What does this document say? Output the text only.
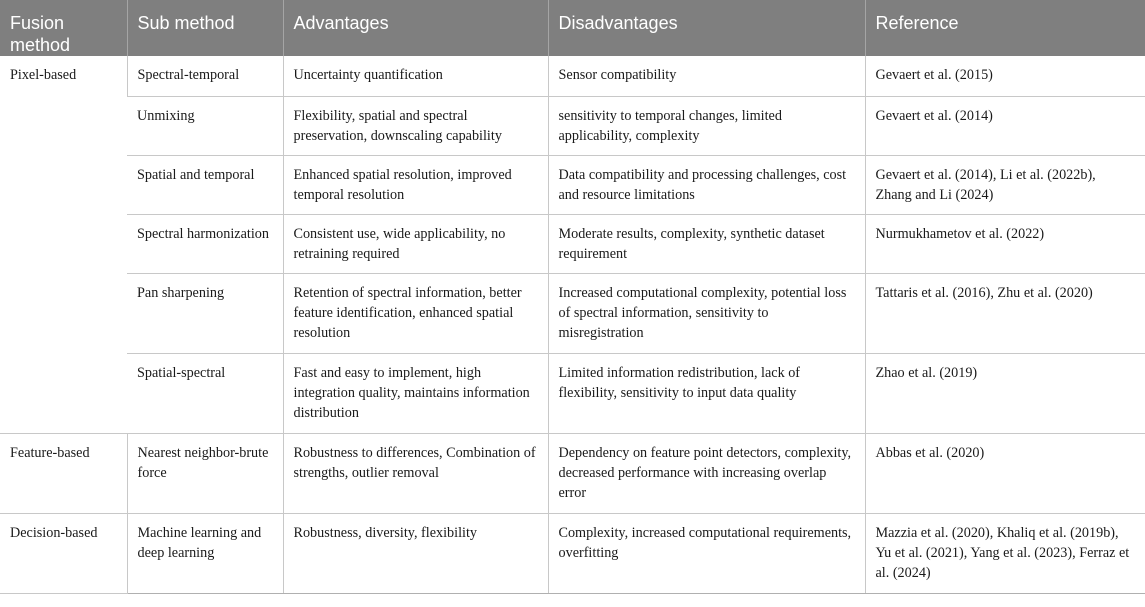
Fusion method	Sub method	Advantages	Disadvantages	Reference
Pixel-based	Spectral-temporal	Uncertainty quantification	Sensor compatibility	Gevaert et al. (2015)
	Unmixing	Flexibility, spatial and spectral preservation, downscaling capability	sensitivity to temporal changes, limited applicability, complexity	Gevaert et al. (2014)
	Spatial and temporal	Enhanced spatial resolution, improved temporal resolution	Data compatibility and processing challenges, cost and resource limitations	Gevaert et al. (2014), Li et al. (2022b), Zhang and Li (2024)
	Spectral harmonization	Consistent use, wide applicability, no retraining required	Moderate results, complexity, synthetic dataset requirement	Nurmukhametov et al. (2022)
	Pan sharpening	Retention of spectral information, better feature identification, enhanced spatial resolution	Increased computational complexity, potential loss of spectral information, sensitivity to misregistration	Tattaris et al. (2016), Zhu et al. (2020)
	Spatial-spectral	Fast and easy to implement, high integration quality, maintains information distribution	Limited information redistribution, lack of flexibility, sensitivity to input data quality	Zhao et al. (2019)
Feature-based	Nearest neighbor-brute force	Robustness to differences, Combination of strengths, outlier removal	Dependency on feature point detectors, complexity, decreased performance with increasing overlap error	Abbas et al. (2020)
Decision-based	Machine learning and deep learning	Robustness, diversity, flexibility	Complexity, increased computational requirements, overfitting	Mazzia et al. (2020), Khaliq et al. (2019b), Yu et al. (2021), Yang et al. (2023), Ferraz et al. (2024)
